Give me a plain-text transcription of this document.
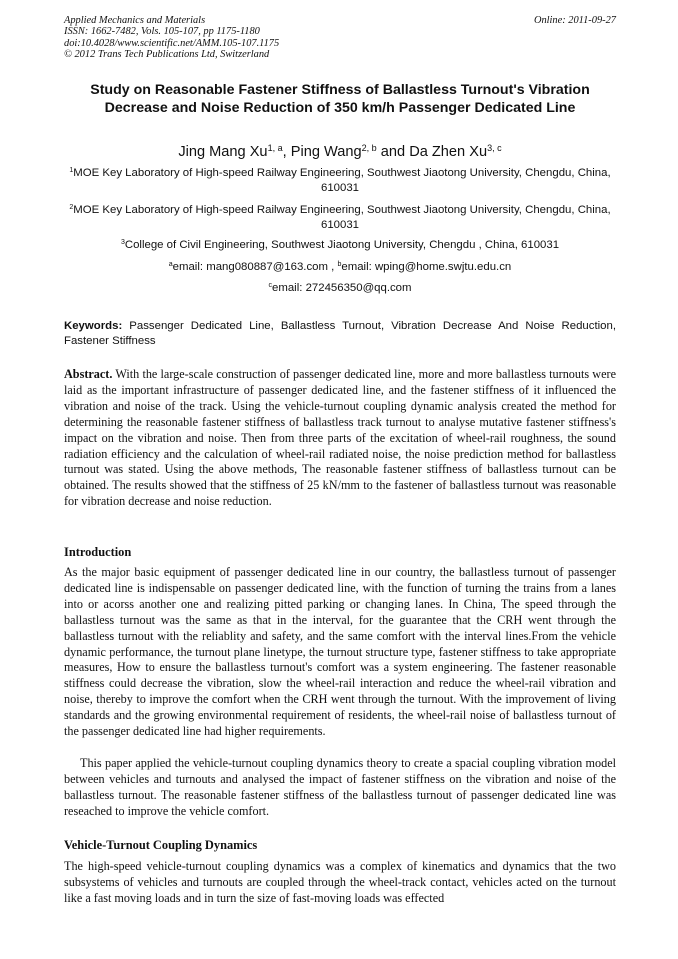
Applied Mechanics and Materials
ISSN: 1662-7482, Vols. 105-107, pp 1175-1180
doi:10.4028/www.scientific.net/AMM.105-107.1175
© 2012 Trans Tech Publications Ltd, Switzerland
Online: 2011-09-27
Study on Reasonable Fastener Stiffness of Ballastless Turnout's Vibration Decrease and Noise Reduction of 350 km/h Passenger Dedicated Line
Jing Mang Xu$^{1, a}$, Ping Wang$^{2, b}$ and Da Zhen Xu$^{3, c}$
$^1$MOE Key Laboratory of High-speed Railway Engineering, Southwest Jiaotong University, Chengdu, China, 610031
$^2$MOE Key Laboratory of High-speed Railway Engineering, Southwest Jiaotong University, Chengdu, China, 610031
$^3$College of Civil Engineering, Southwest Jiaotong University, Chengdu , China, 610031
$^a$email: mang080887@163.com , $^b$email: wping@home.swjtu.edu.cn
$^c$email: 272456350@qq.com
Keywords: Passenger Dedicated Line, Ballastless Turnout, Vibration Decrease And Noise Reduction, Fastener Stiffness
Abstract. With the large-scale construction of passenger dedicated line, more and more ballastless turnouts were laid as the important infrastructure of passenger dedicated line, and the fastener stiffness of it influenced the vibration and noise of the track. Using the vehicle-turnout coupling dynamic analysis created the method for determining the reasonable fastener stiffness of ballastless track turnout to analyse mutative fastener stiffness's impact on the vibration and noise. Then from three parts of the excitation of wheel-rail roughness, the sound radiation efficiency and the calculation of wheel-rail radiated noise, the noise prediction method for ballastless turnout was stated. Using the above methods, The reasonable fastener stiffness of ballastless turnout can be obtained. The results showed that the stiffness of 25 kN/mm to the fastener of ballastless turnout was reasonable for vibration decrease and noise reduction.
Introduction

As the major basic equipment of passenger dedicated line in our country, the ballastless turnout of passenger dedicated line is indispensable on passenger dedicated line, with the function of turning the trains from a lanes into or acorss another one and realizing pitted parking or changing lanes. In China, The speed through the ballastless turnout was the same as that in the interval, for the guarantee that the CRH went through the ballastless turnout with the reliablity and safety, and the same comfort with the interval lines.From the vehicle dynamic performance, the turnout plane linetype, the turnout structure type, fastener stiffness to take appropriate measures, How to ensure the ballastless turnout's comfort was a system engineering. The fastener reasonable stiffness could decrease the vibration, slow the wheel-rail interaction and reduce the wheel-rail vibration and noise, thereby to improve the comfort when the CRH went through the turnout. With the improvement of living standards and the growing environmental requirement of residents, the wheel-rail noise of ballastless turnout of the passenger dedicated line had higher requirements.

This paper applied the vehicle-turnout coupling dynamics theory to create a spacial coupling vibration model between vehicles and turnouts and analysed the impact of fastener stiffness on the vibration and noise of the ballastless turnout. The reasonable fastener stiffness of the ballastless turnout of passenger dedicated line was reseached to improve the vehicle comfort.

Vehicle-Turnout Coupling Dynamics

The high-speed vehicle-turnout coupling dynamics was a complex of kinematics and dynamics that the two subsystems of vehicles and turnouts are coupled through the wheel-track contact, vehicles acted on the turnout like a fast moving loads and in turn the size of fast-moving loads was effected
